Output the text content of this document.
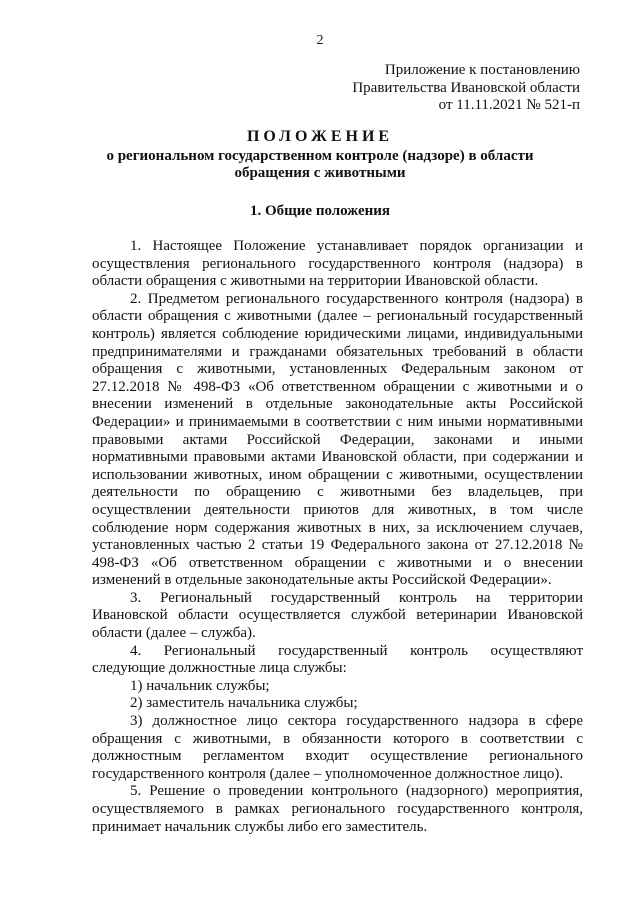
2
Приложение к постановлению
Правительства Ивановской области
от 11.11.2021 № 521-п
ПОЛОЖЕНИЕ
о региональном государственном контроле (надзоре) в области обращения с животными
1. Общие положения

1. Настоящее Положение устанавливает порядок организации и осуществления регионального государственного контроля (надзора) в области обращения с животными на территории Ивановской области.

2. Предметом регионального государственного контроля (надзора) в области обращения с животными (далее – региональный государственный контроль) является соблюдение юридическими лицами, индивидуальными предпринимателями и гражданами обязательных требований в области обращения с животными, установленных Федеральным законом от 27.12.2018 № 498-ФЗ «Об ответственном обращении с животными и о внесении изменений в отдельные законодательные акты Российской Федерации» и принимаемыми в соответствии с ним иными нормативными правовыми актами Российской Федерации, законами и иными нормативными правовыми актами Ивановской области, при содержании и использовании животных, ином обращении с животными, осуществлении деятельности по обращению с животными без владельцев, при осуществлении деятельности приютов для животных, в том числе соблюдение норм содержания животных в них, за исключением случаев, установленных частью 2 статьи 19 Федерального закона от 27.12.2018 № 498-ФЗ «Об ответственном обращении с животными и о внесении изменений в отдельные законодательные акты Российской Федерации».

3. Региональный государственный контроль на территории Ивановской области осуществляется службой ветеринарии Ивановской области (далее – служба).

4. Региональный государственный контроль осуществляют следующие должностные лица службы:

1) начальник службы;

2) заместитель начальника службы;

3) должностное лицо сектора государственного надзора в сфере обращения с животными, в обязанности которого в соответствии с должностным регламентом входит осуществление регионального государственного контроля (далее – уполномоченное должностное лицо).

5. Решение о проведении контрольного (надзорного) мероприятия, осуществляемого в рамках регионального государственного контроля, принимает начальник службы либо его заместитель.
